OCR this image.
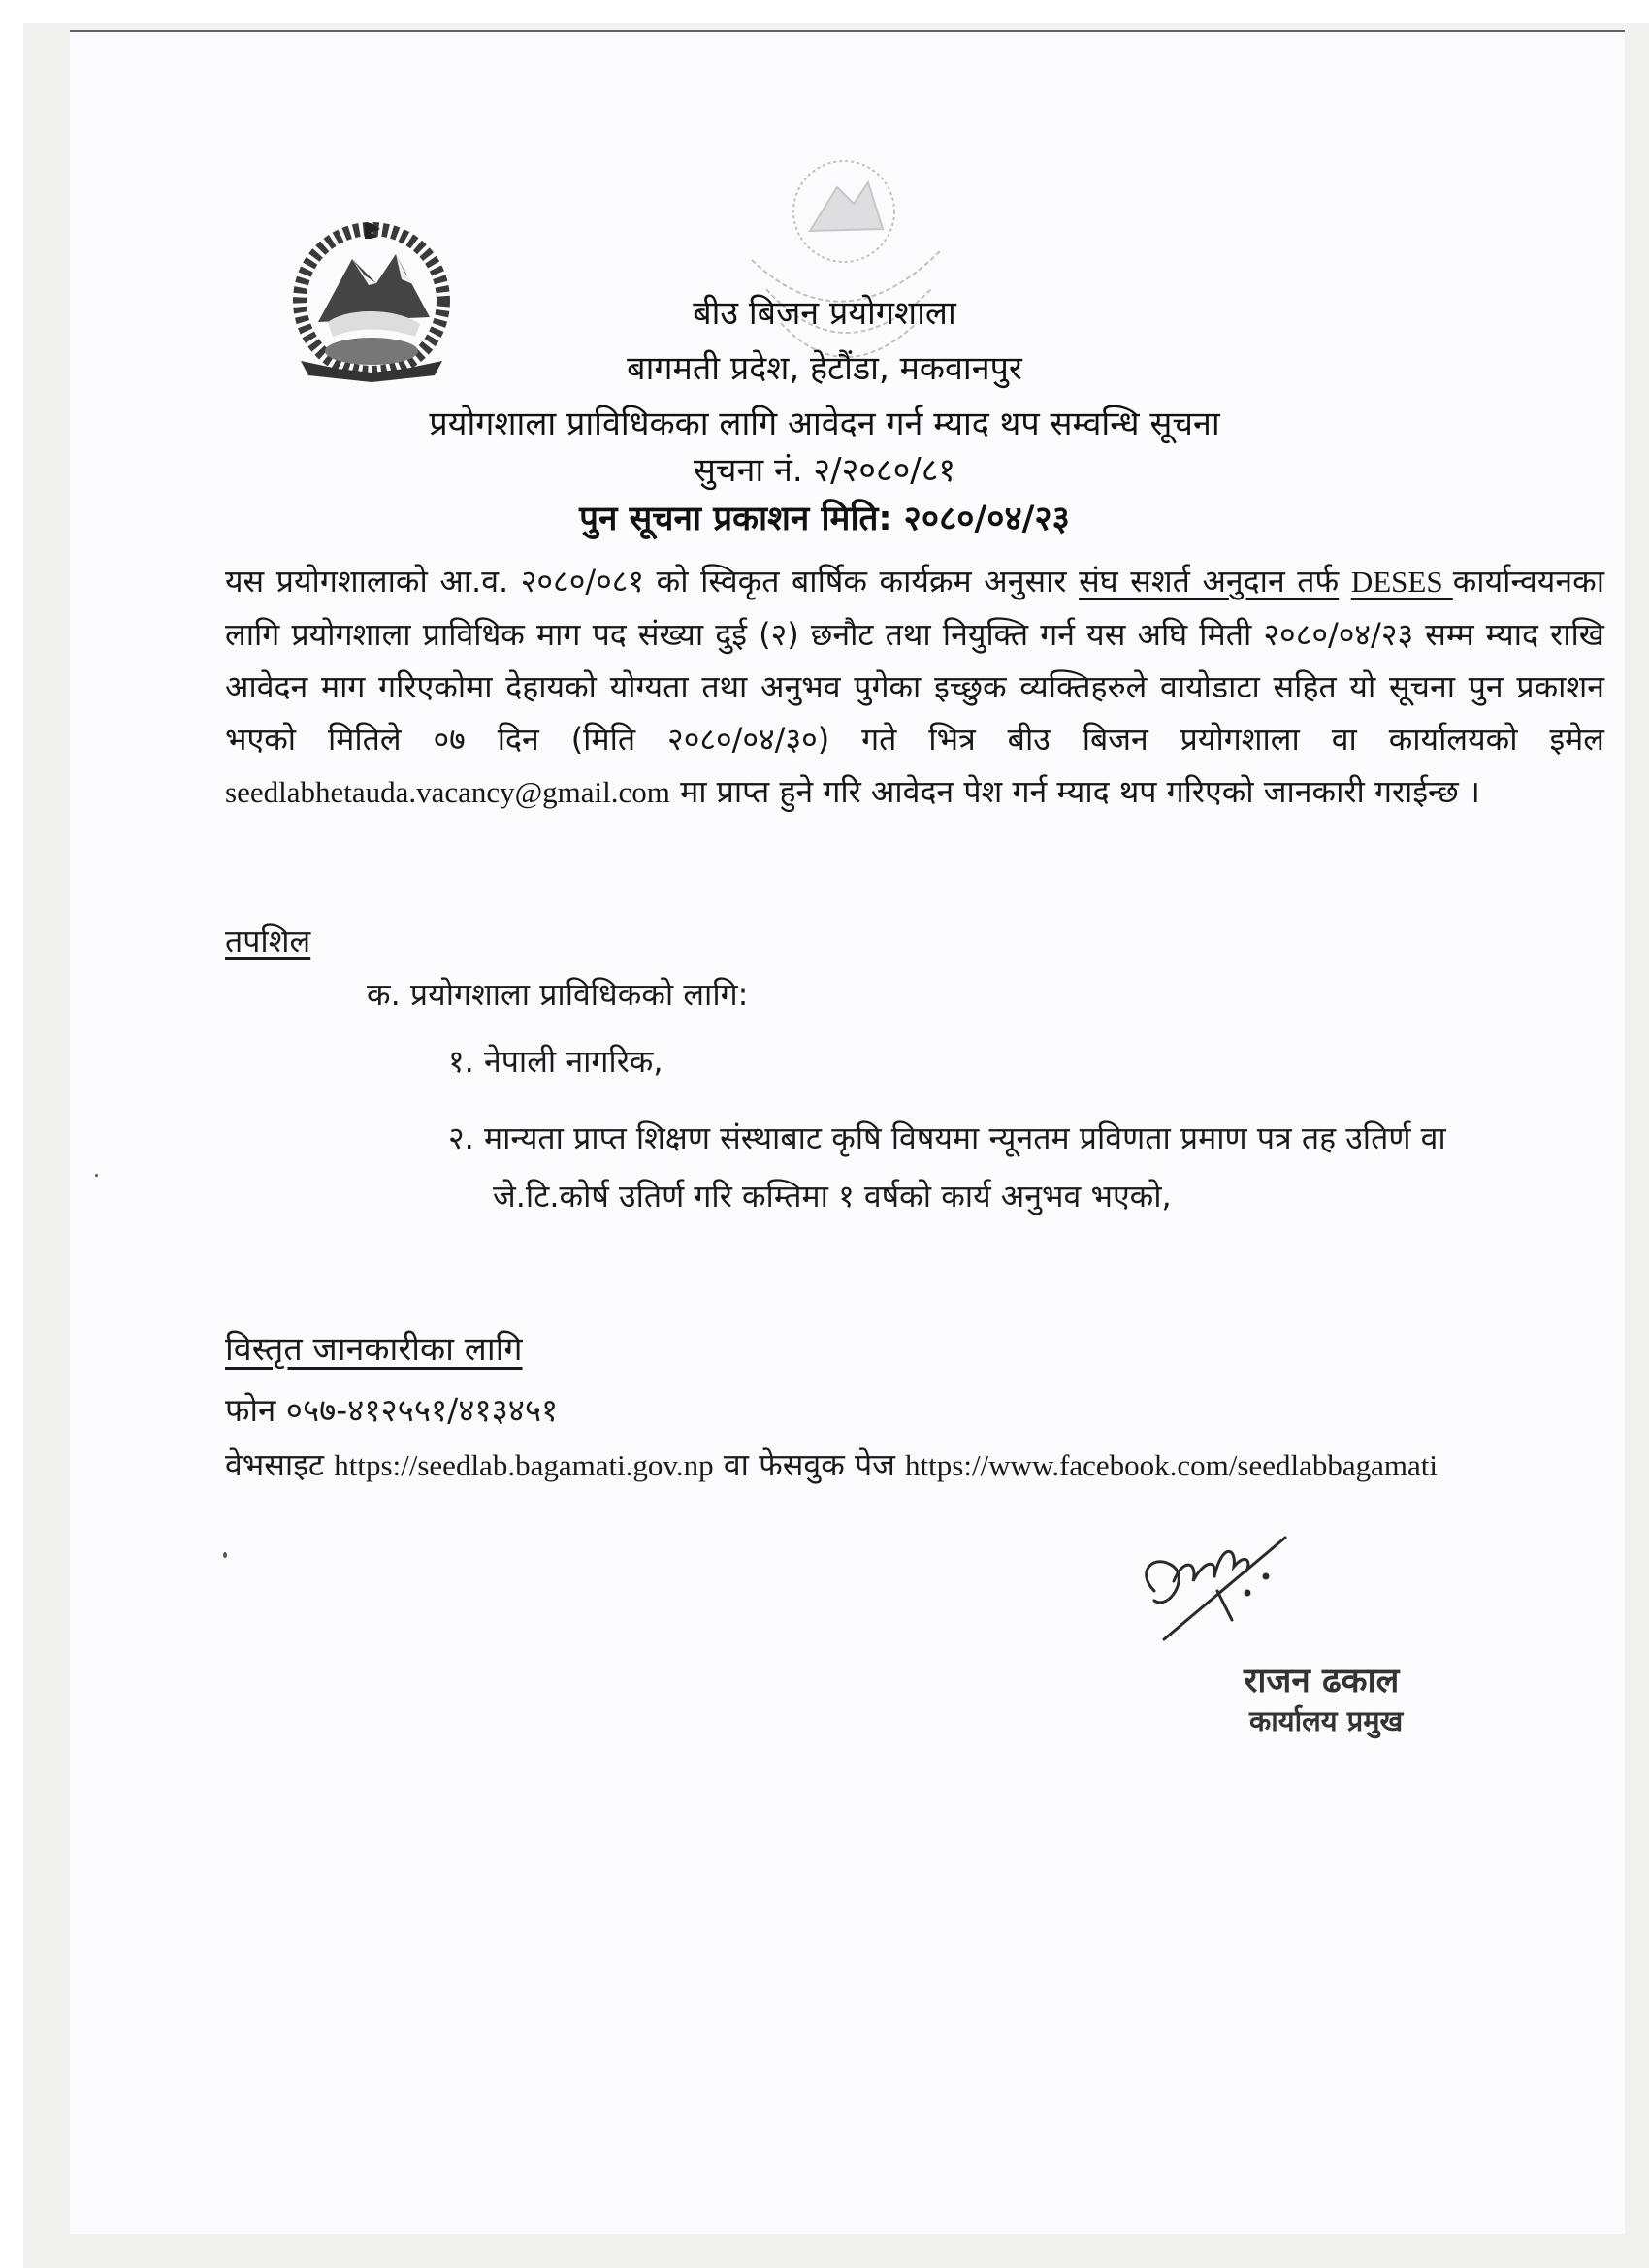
बीउ बिजन प्रयोगशाला
बागमती प्रदेश, हेटौंडा, मकवानपुर
प्रयोगशाला प्राविधिकका लागि आवेदन गर्न म्याद थप सम्वन्धि सूचना
सुचना नं. २/२०८०/८१
पुन सूचना प्रकाशन मिति: २०८०/०४/२३
यस प्रयोगशालाको आ.व. २०८०/०८१ को स्विकृत बार्षिक कार्यक्रम अनुसार संघ सशर्त अनुदान तर्फ DESES कार्यान्वयनका लागि प्रयोगशाला प्राविधिक माग पद संख्या दुई (२) छनौट तथा नियुक्ति गर्न यस अघि मिती २०८०/०४/२३ सम्म म्याद राखि आवेदन माग गरिएकोमा देहायको योग्यता तथा अनुभव पुगेका इच्छुक व्यक्तिहरुले वायोडाटा सहित यो सूचना पुन प्रकाशन भएको मितिले ०७ दिन (मिति २०८०/०४/३०) गते भित्र बीउ बिजन प्रयोगशाला वा कार्यालयको इमेल seedlabhetauda.vacancy@gmail.com मा प्राप्त हुने गरि आवेदन पेश गर्न म्याद थप गरिएको जानकारी गराईन्छ ।
तपशिल
क. प्रयोगशाला प्राविधिकको लागि:
१. नेपाली नागरिक,
२. मान्यता प्राप्त शिक्षण संस्थाबाट कृषि विषयमा न्यूनतम प्रविणता प्रमाण पत्र तह उतिर्ण वा
जे.टि.कोर्ष उतिर्ण गरि कम्तिमा १ वर्षको कार्य अनुभव भएको,
विस्तृत जानकारीका लागि
फोन ०५७-४१२५५१/४१३४५१
वेभसाइट https://seedlab.bagamati.gov.np वा फेसवुक पेज https://www.facebook.com/seedlabbagamati
राजन ढकाल
कार्यालय प्रमुख
